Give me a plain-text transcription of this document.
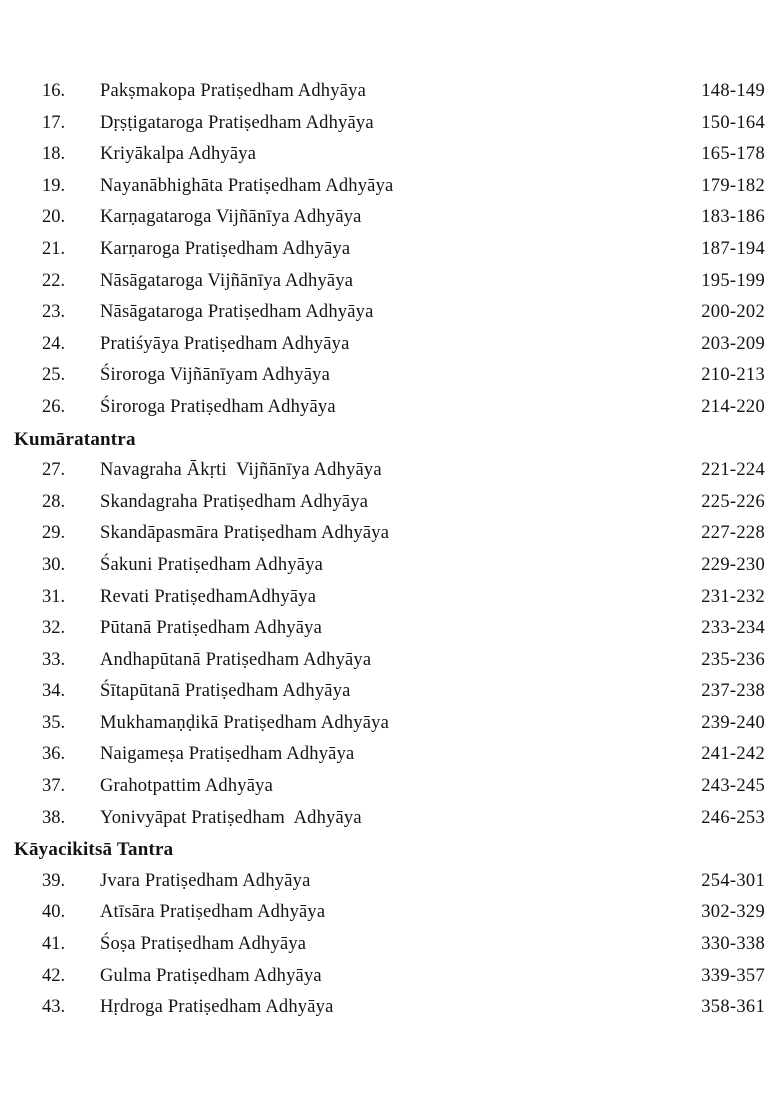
16.	Pakṣmakopa Pratiṣedham Adhyāya	148-149
17.	Dṛṣṭigataroga Pratiṣedham Adhyāya	150-164
18.	Kriyākalpa Adhyāya	165-178
19.	Nayanābhighāta Pratiṣedham Adhyāya	179-182
20.	Karṇagataroga Vijñānīya Adhyāya	183-186
21.	Karṇaroga Pratiṣedham Adhyāya	187-194
22.	Nāsāgataroga Vijñānīya Adhyāya	195-199
23.	Nāsāgataroga Pratiṣedham Adhyāya	200-202
24.	Pratiśyāya Pratiṣedham Adhyāya	203-209
25.	Śiroroga Vijñānīyam Adhyāya	210-213
26.	Śiroroga Pratiṣedham Adhyāya	214-220
Kumāratantra
27.	Navagraha Ākṛti  Vijñānīya Adhyāya	221-224
28.	Skandagraha Pratiṣedham Adhyāya	225-226
29.	Skandāpasmāra Pratiṣedham Adhyāya	227-228
30.	Śakuni Pratiṣedham Adhyāya	229-230
31.	Revati PratiṣedhamAdhyāya	231-232
32.	Pūtanā Pratiṣedham Adhyāya	233-234
33.	Andhapūtanā Pratiṣedham Adhyāya	235-236
34.	Śītapūtanā Pratiṣedham Adhyāya	237-238
35.	Mukhamaṇḍikā Pratiṣedham Adhyāya	239-240
36.	Naigameṣa Pratiṣedham Adhyāya	241-242
37.	Grahotpattim Adhyāya	243-245
38.	Yonivyāpat Pratiṣedham  Adhyāya	246-253
Kāyacikitsā Tantra
39.	Jvara Pratiṣedham Adhyāya	254-301
40.	Atīsāra Pratiṣedham Adhyāya	302-329
41.	Śoṣa Pratiṣedham Adhyāya	330-338
42.	Gulma Pratiṣedham Adhyāya	339-357
43.	Hṛdroga Pratiṣedham Adhyāya	358-361
